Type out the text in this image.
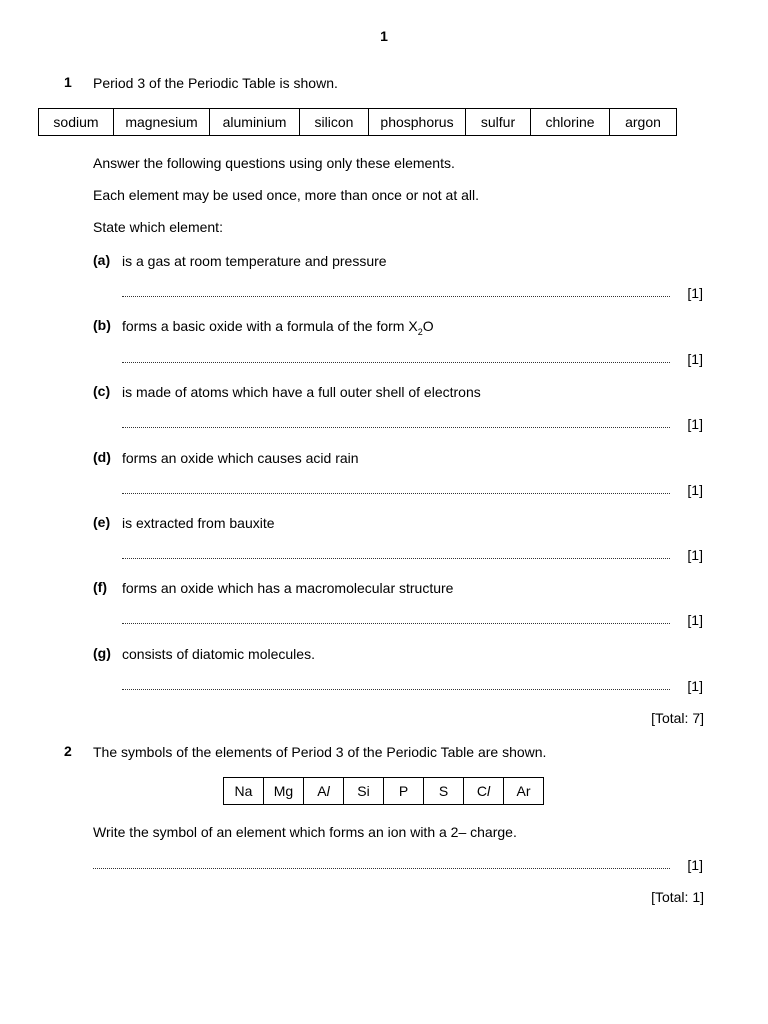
1
1 Period 3 of the Periodic Table is shown.
sodium	magnesium	aluminium	silicon	phosphorus	sulfur	chlorine	argon
Answer the following questions using only these elements.
Each element may be used once, more than once or not at all.
State which element:
(a) is a gas at room temperature and pressure
[1]
(b) forms a basic oxide with a formula of the form $X_2O$
[1]
(c) is made of atoms which have a full outer shell of electrons
[1]
(d) forms an oxide which causes acid rain
[1]
(e) is extracted from bauxite
[1]
(f) forms an oxide which has a macromolecular structure
[1]
(g) consists of diatomic molecules.
[1]
[Total: 7]
2 The symbols of the elements of Period 3 of the Periodic Table are shown.
Na	Mg	Al	Si	P	S	Cl	Ar
Write the symbol of an element which forms an ion with a 2– charge.
[1]
[Total: 1]
